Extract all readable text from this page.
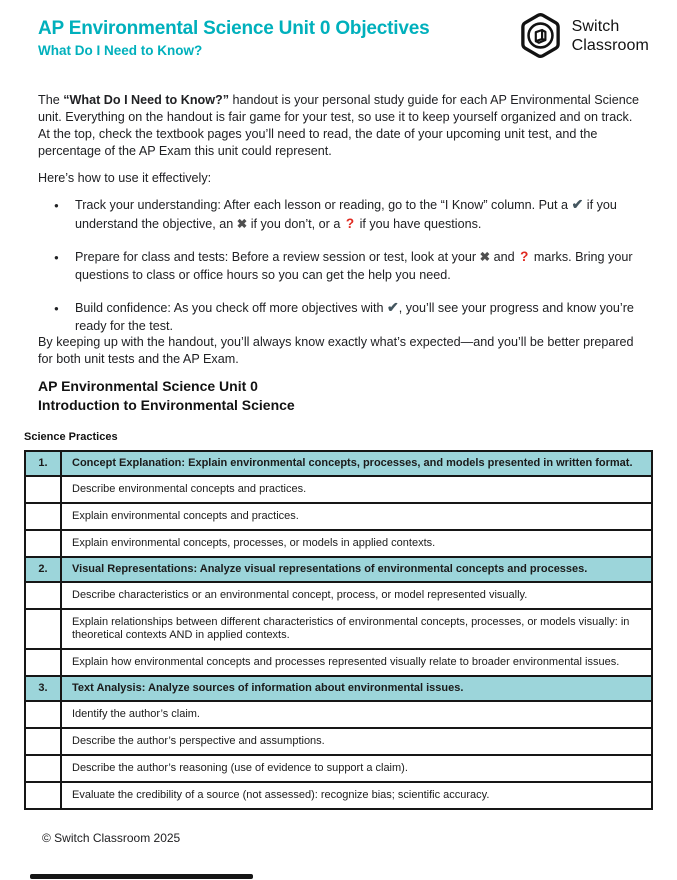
AP Environmental Science Unit 0 Objectives
What Do I Need to Know?
Switch
Classroom

The “What Do I Need to Know?” handout is your personal study guide for each AP Environmental Science unit. Everything on the handout is fair game for your test, so use it to keep yourself organized and on track. At the top, check the textbook pages you’ll need to read, the date of your upcoming unit test, and the percentage of the AP Exam this unit could represent.

Here’s how to use it effectively:

● Track your understanding: After each lesson or reading, go to the “I Know” column. Put a ✔ if you understand the objective, an ✖ if you don’t, or a ? if you have questions.
● Prepare for class and tests: Before a review session or test, look at your ✖ and ? marks. Bring your questions to class or office hours so you can get the help you need.
● Build confidence: As you check off more objectives with ✔, you’ll see your progress and know you’re ready for the test.

By keeping up with the handout, you’ll always know exactly what’s expected—and you’ll be better prepared for both unit tests and the AP Exam.

AP Environmental Science Unit 0
Introduction to Environmental Science
Science Practices
1.	Concept Explanation: Explain environmental concepts, processes, and models presented in written format.
	Describe environmental concepts and practices.
	Explain environmental concepts and practices.
	Explain environmental concepts, processes, or models in applied contexts.
2.	Visual Representations: Analyze visual representations of environmental concepts and processes.
	Describe characteristics or an environmental concept, process, or model represented visually.
	Explain relationships between different characteristics of environmental concepts, processes, or models visually: in theoretical contexts AND in applied contexts.
	Explain how environmental concepts and processes represented visually relate to broader environmental issues.
3.	Text Analysis: Analyze sources of information about environmental issues.
	Identify the author’s claim.
	Describe the author’s perspective and assumptions.
	Describe the author’s reasoning (use of evidence to support a claim).
	Evaluate the credibility of a source (not assessed): recognize bias; scientific accuracy.
© Switch Classroom 2025
